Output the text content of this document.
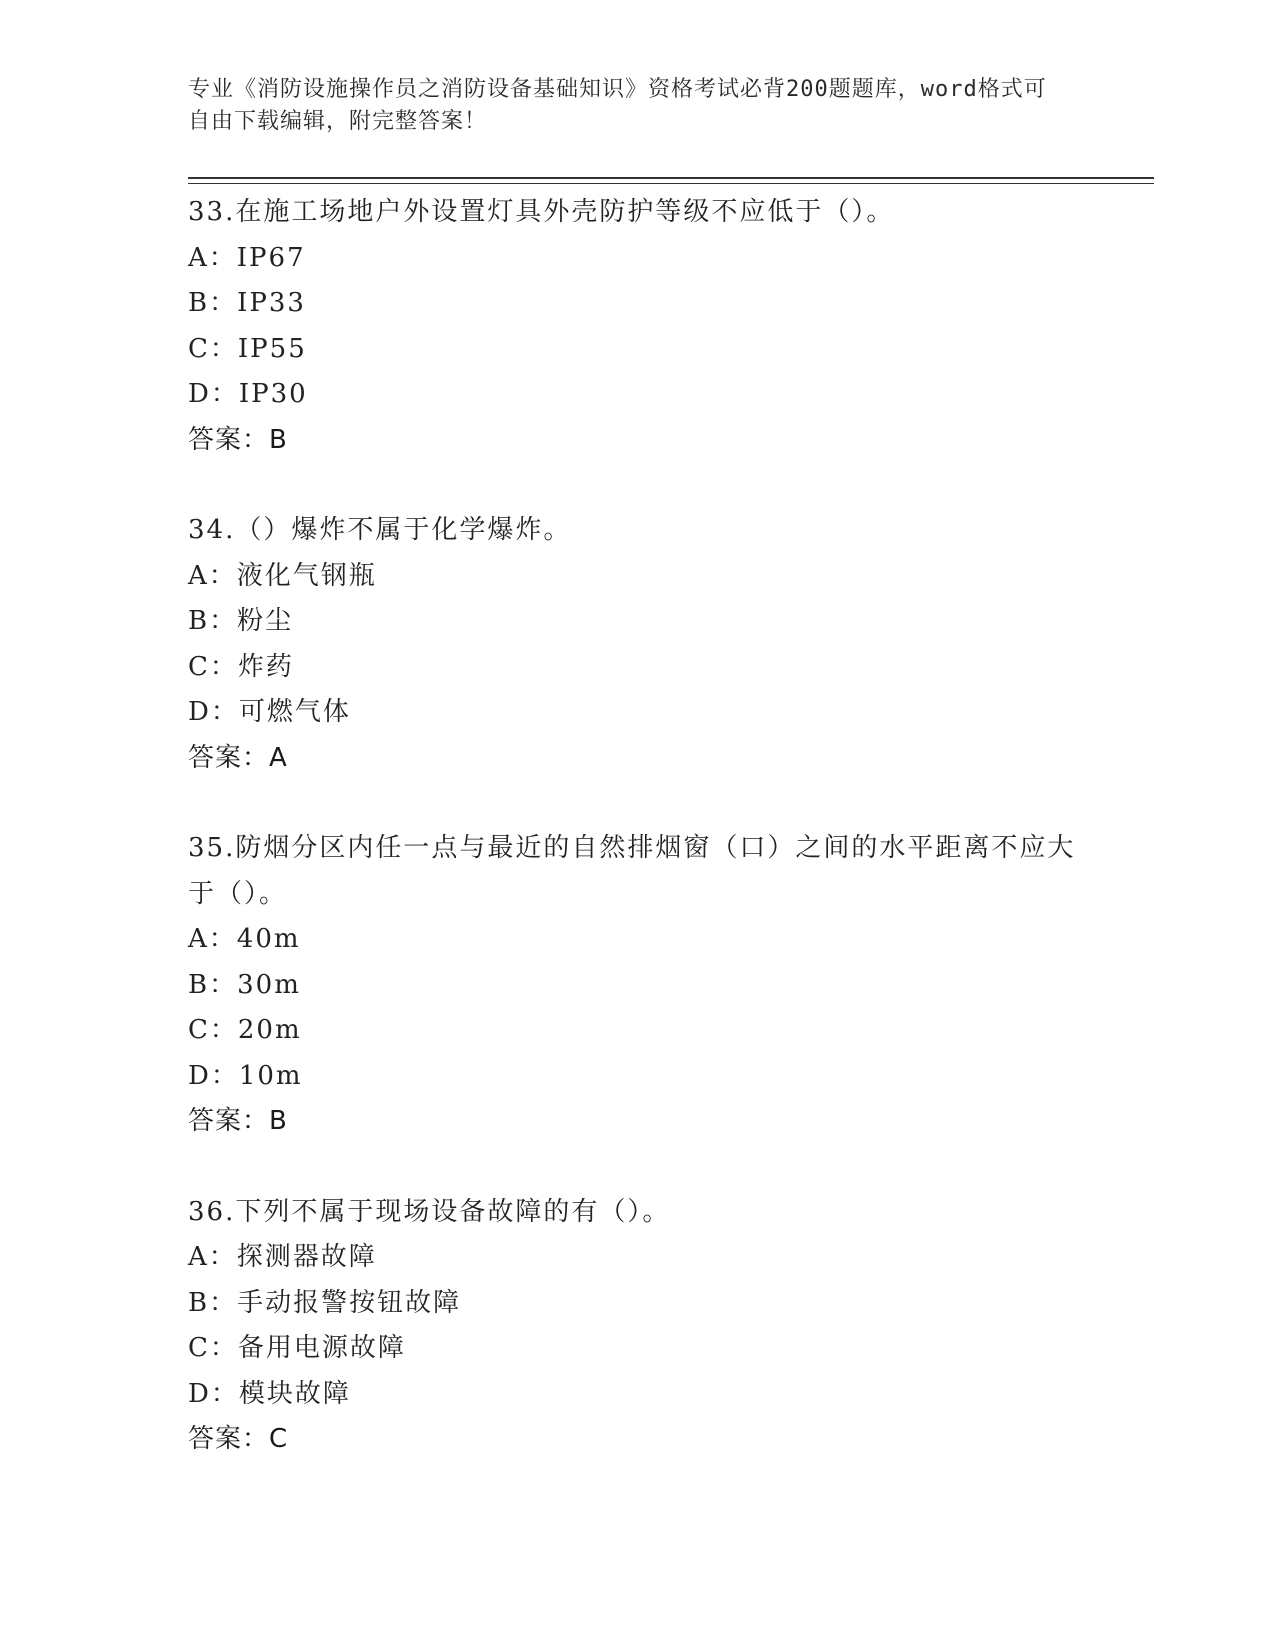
专业《消防设施操作员之消防设备基础知识》资格考试必背200题题库，word格式可自由下载编辑，附完整答案！
33.在施工场地户外设置灯具外壳防护等级不应低于（）。
A：IP67
B：IP33
C：IP55
D：IP30
答案：B
34.（）爆炸不属于化学爆炸。
A：液化气钢瓶
B：粉尘
C：炸药
D：可燃气体
答案：A
35.防烟分区内任一点与最近的自然排烟窗（口）之间的水平距离不应大于（）。
A：40m
B：30m
C：20m
D：10m
答案：B
36.下列不属于现场设备故障的有（）。
A：探测器故障
B：手动报警按钮故障
C：备用电源故障
D：模块故障
答案：C
